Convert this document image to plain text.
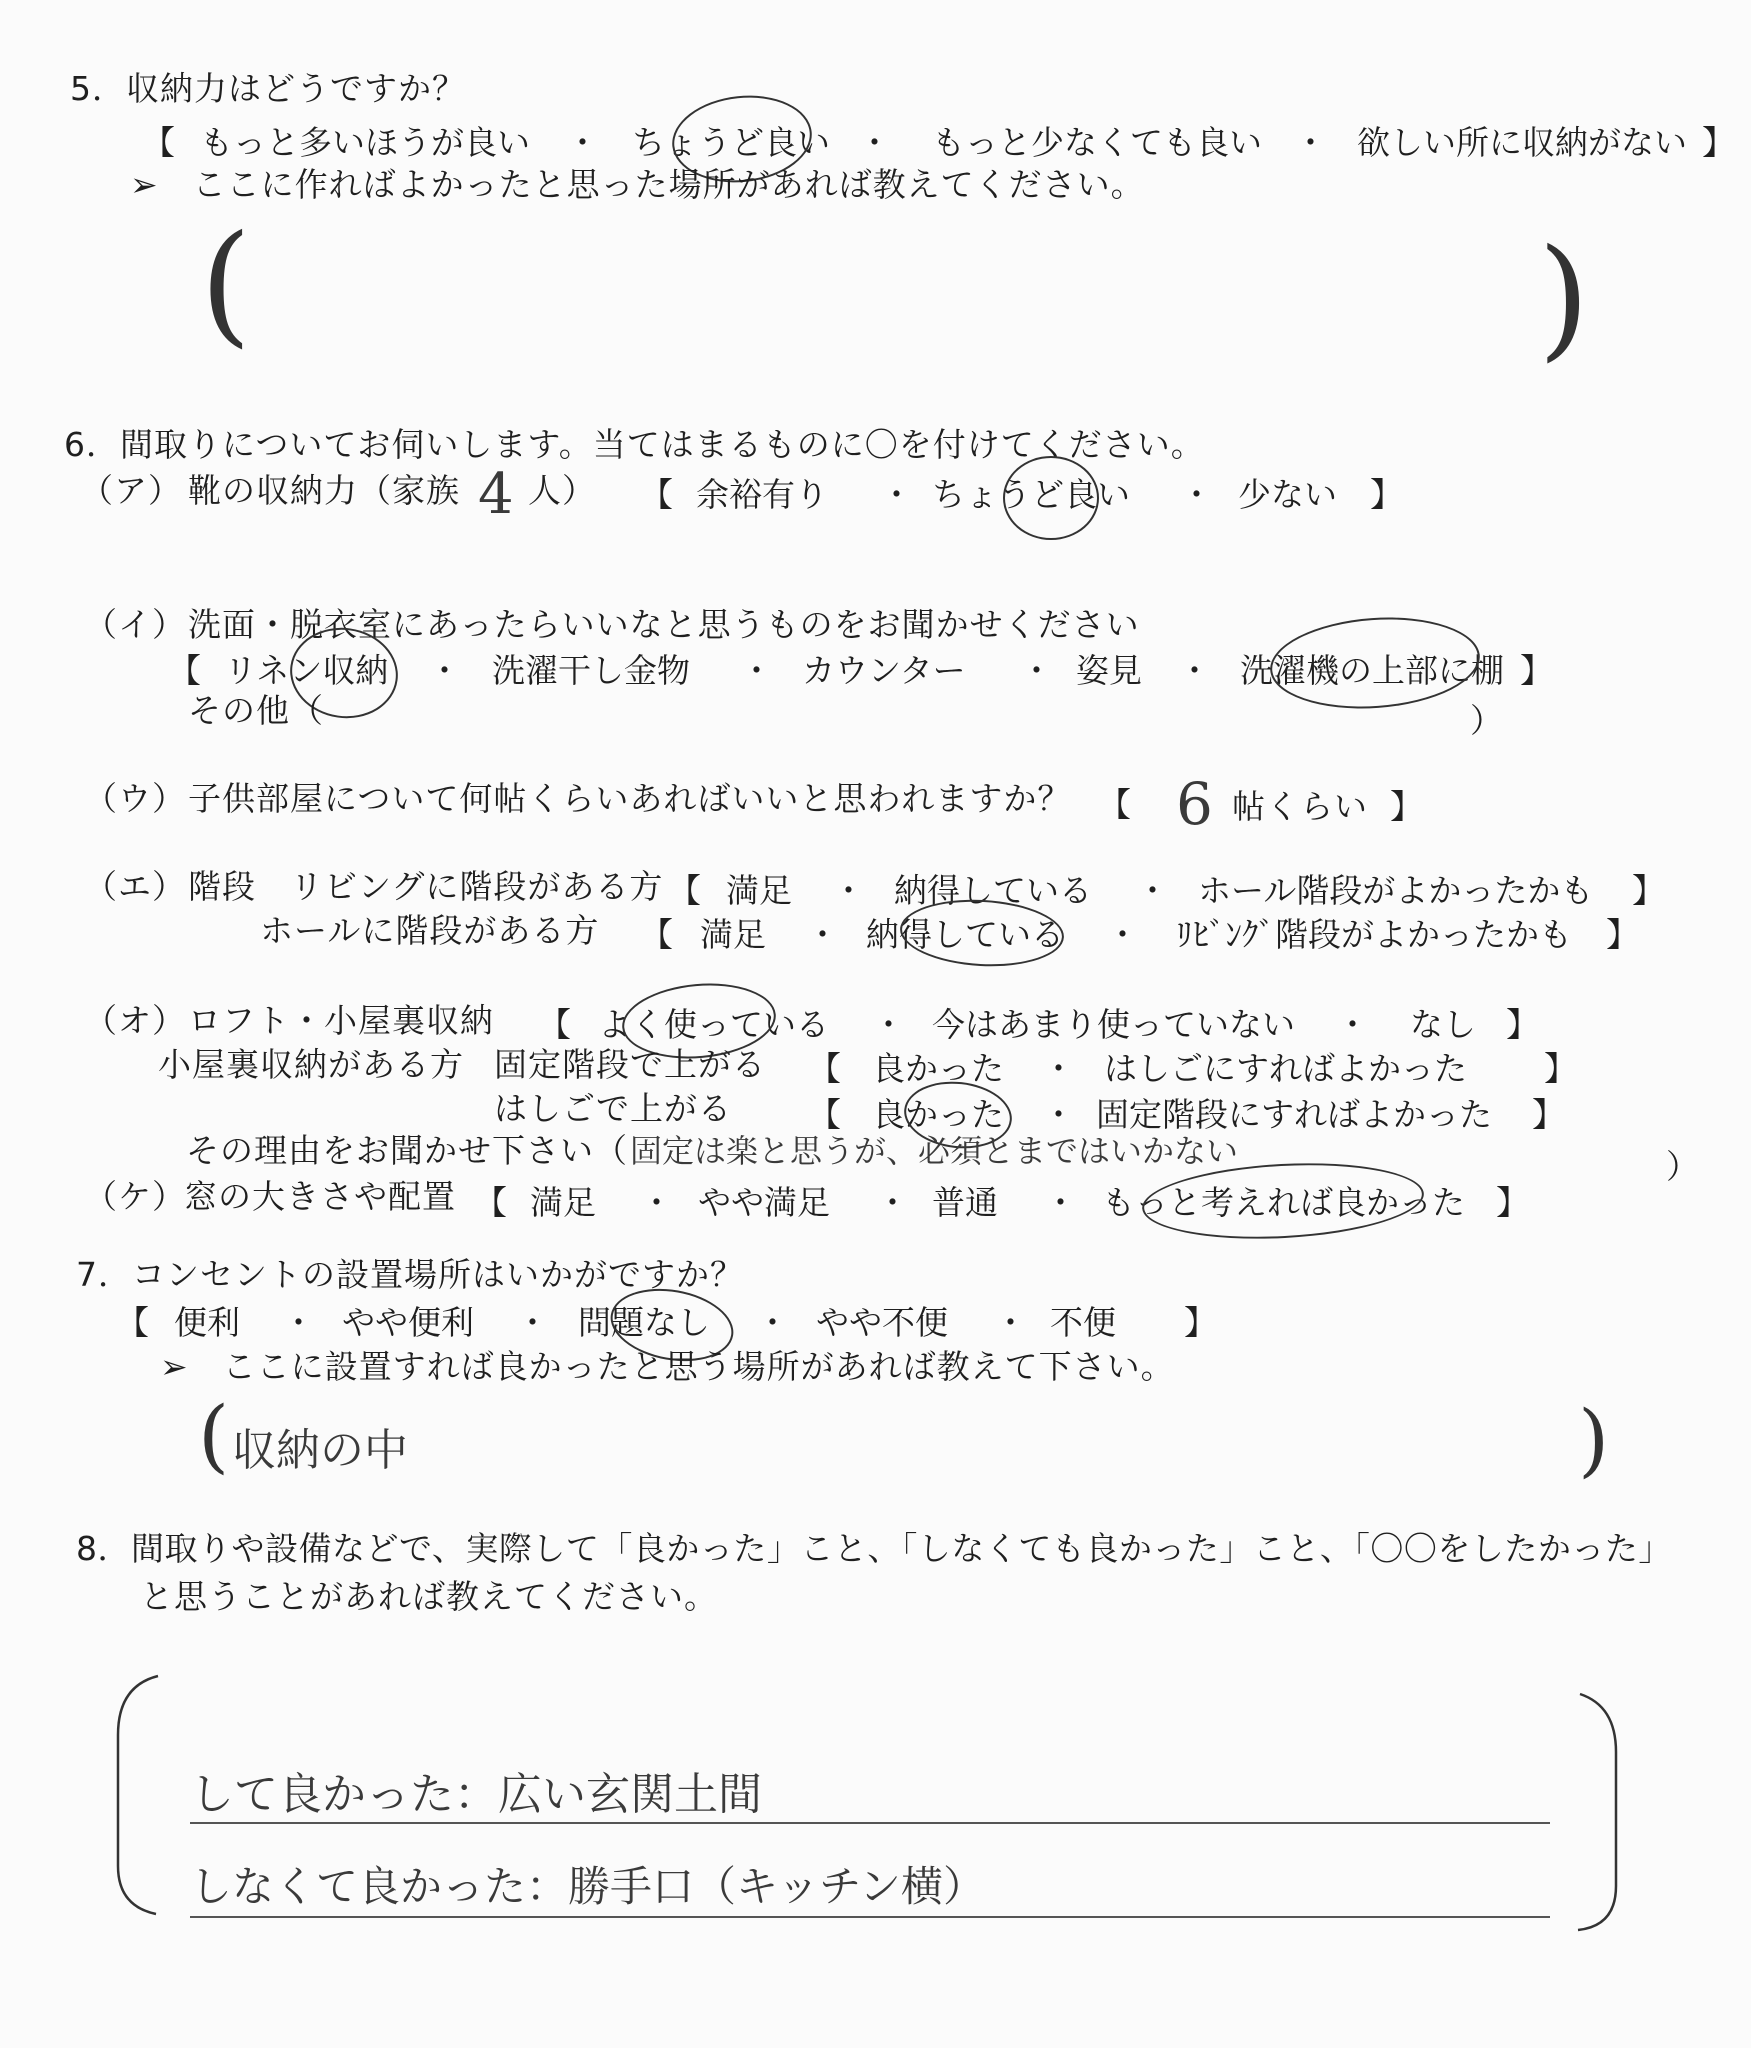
5．収納力はどうですか？
【 もっと多いほうが良い ・ ちょうど良い ・ もっと少なくても良い ・ 欲しい所に収納がない 】
➢　ここに作ればよかったと思った場所があれば教えてください。
(	)
6．間取りについてお伺いします。当てはまるものに〇を付けてください。
（ア） 靴の収納力（家族 4 人） 【 余裕有り ・ ちょうど良い ・ 少ない 】
（イ） 洗面・脱衣室にあったらいいなと思うものをお聞かせください
【 リネン収納 ・ 洗濯干し金物 ・ カウンター ・ 姿見 ・ 洗濯機の上部に棚 】
その他（	）
（ウ） 子供部屋について何帖くらいあればいいと思われますか？ 【 6 帖くらい 】
（エ） 階段　リビングに階段がある方 【 満足 ・ 納得している ・ ホール階段がよかったかも 】
ホールに階段がある方 【 満足 ・ 納得している ・ ﾘﾋﾞﾝｸﾞ階段がよかったかも 】
（オ） ロフト・小屋裏収納 【 よく使っている ・ 今はあまり使っていない ・ なし 】
小屋裏収納がある方 固定階段で上がる 【 良かった ・ はしごにすればよかった 】
はしごで上がる 【 良かった ・ 固定階段にすればよかった 】
その理由をお聞かせ下さい（ 固定は楽と思うが、必須とまではいかない	）
（ケ）
窓の大きさや配置 【 満足 ・ やや満足 ・ 普通 ・ もっと考えれば良かった 】
7．コンセントの設置場所はいかがですか？
【 便利 ・ やや便利 ・ 問題なし ・ やや不便 ・ 不便 】
➢　ここに設置すれば良かったと思う場所があれば教えて下さい。
( 収納の中	)
8．間取りや設備などで、実際して「良かった」こと、「しなくても良かった」こと、「〇〇をしたかった」
と思うことがあれば教えてください。
して良かった：広い玄関土間
しなくて良かった：勝手口（キッチン横）
